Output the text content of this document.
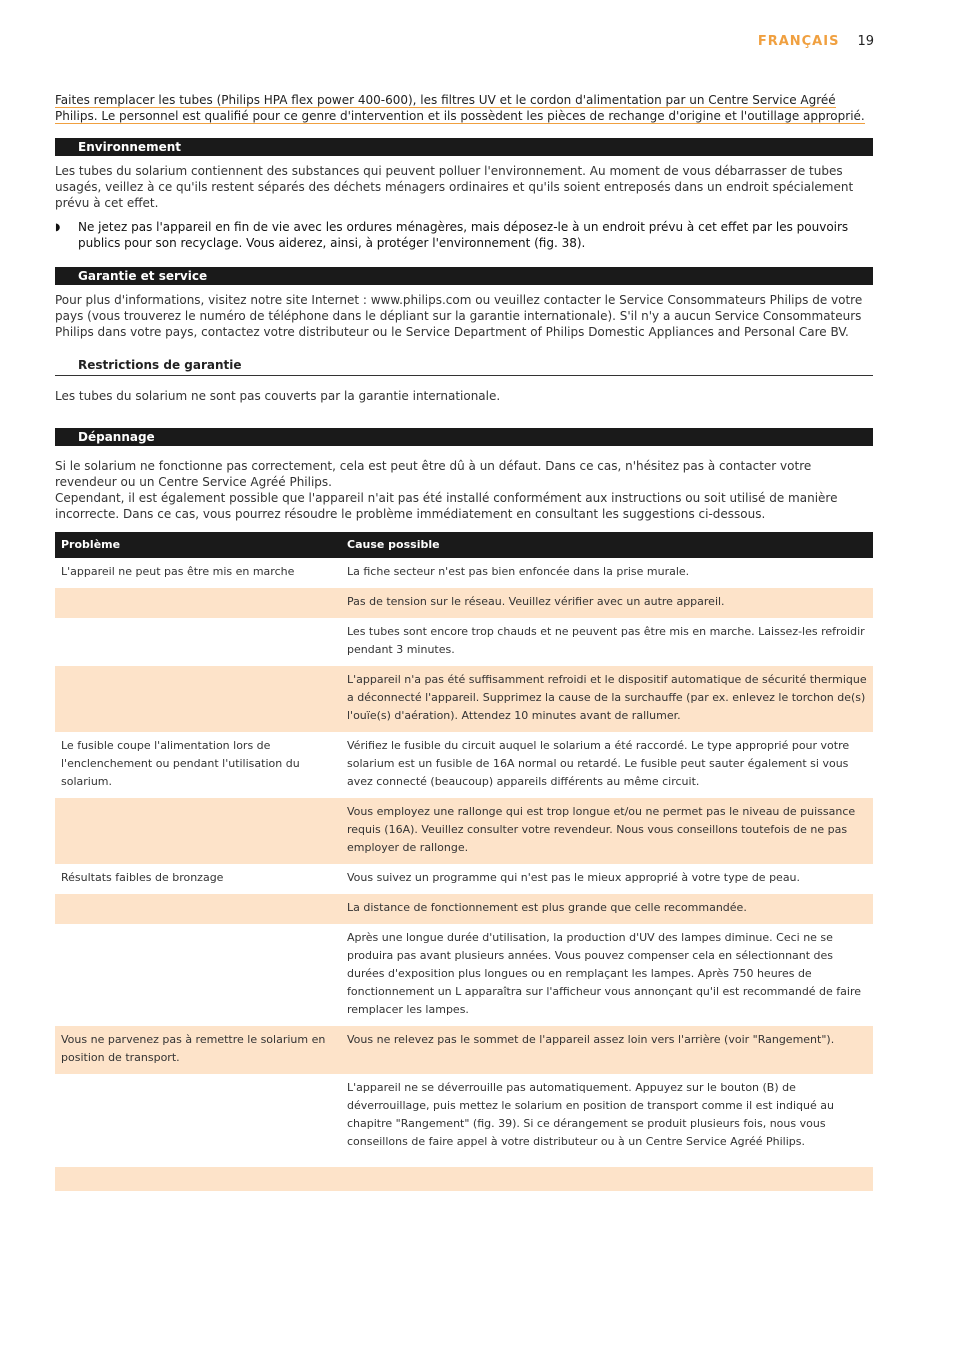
FRANÇAIS 19
Faites remplacer les tubes (Philips HPA flex power 400-600), les filtres UV et le cordon d'alimentation par un Centre Service Agréé Philips. Le personnel est qualifié pour ce genre d'intervention et ils possèdent les pièces de rechange d'origine et l'outillage approprié.
Environnement
Les tubes du solarium contiennent des substances qui peuvent polluer l'environnement. Au moment de vous débarrasser de tubes usagés, veillez à ce qu'ils restent séparés des déchets ménagers ordinaires et qu'ils soient entreposés dans un endroit spécialement prévu à cet effet.
◗ Ne jetez pas l'appareil en fin de vie avec les ordures ménagères, mais déposez-le à un endroit prévu à cet effet par les pouvoirs publics pour son recyclage. Vous aiderez, ainsi, à protéger l'environnement (fig. 38).
Garantie et service
Pour plus d'informations, visitez notre site Internet : www.philips.com ou veuillez contacter le Service Consommateurs Philips de votre pays (vous trouverez le numéro de téléphone dans le dépliant sur la garantie internationale). S'il n'y a aucun Service Consommateurs Philips dans votre pays, contactez votre distributeur ou le Service Department of Philips Domestic Appliances and Personal Care BV.
Restrictions de garantie
Les tubes du solarium ne sont pas couverts par la garantie internationale.
Dépannage
Si le solarium ne fonctionne pas correctement, cela est peut être dû à un défaut. Dans ce cas, n'hésitez pas à contacter votre revendeur ou un Centre Service Agréé Philips.
Cependant, il est également possible que l'appareil n'ait pas été installé conformément aux instructions ou soit utilisé de manière incorrecte. Dans ce cas, vous pourrez résoudre le problème immédiatement en consultant les suggestions ci-dessous.
Problème	Cause possible
L'appareil ne peut pas être mis en marche	La fiche secteur n'est pas bien enfoncée dans la prise murale.
	Pas de tension sur le réseau. Veuillez vérifier avec un autre appareil.
	Les tubes sont encore trop chauds et ne peuvent pas être mis en marche. Laissez-les refroidir pendant 3 minutes.
	L'appareil n'a pas été suffisamment refroidi et le dispositif automatique de sécurité thermique a déconnecté l'appareil. Supprimez la cause de la surchauffe (par ex. enlevez le torchon de(s) l'ouïe(s) d'aération). Attendez 10 minutes avant de rallumer.
Le fusible coupe l'alimentation lors de l'enclenchement ou pendant l'utilisation du solarium.	Vérifiez le fusible du circuit auquel le solarium a été raccordé. Le type approprié pour votre solarium est un fusible de 16A normal ou retardé. Le fusible peut sauter également si vous avez connecté (beaucoup) appareils différents au même circuit.
	Vous employez une rallonge qui est trop longue et/ou ne permet pas le niveau de puissance requis (16A). Veuillez consulter votre revendeur. Nous vous conseillons toutefois de ne pas employer de rallonge.
Résultats faibles de bronzage	Vous suivez un programme qui n'est pas le mieux approprié à votre type de peau.
	La distance de fonctionnement est plus grande que celle recommandée.
	Après une longue durée d'utilisation, la production d'UV des lampes diminue. Ceci ne se produira pas avant plusieurs années. Vous pouvez compenser cela en sélectionnant des durées d'exposition plus longues ou en remplaçant les lampes. Après 750 heures de fonctionnement un L apparaîtra sur l'afficheur vous annonçant qu'il est recommandé de faire remplacer les lampes.
Vous ne parvenez pas à remettre le solarium en position de transport.	Vous ne relevez pas le sommet de l'appareil assez loin vers l'arrière (voir "Rangement").
	L'appareil ne se déverrouille pas automatiquement. Appuyez sur le bouton (B) de déverrouillage, puis mettez le solarium en position de transport comme il est indiqué au chapitre "Rangement" (fig. 39). Si ce dérangement se produit plusieurs fois, nous vous conseillons de faire appel à votre distributeur ou à un Centre Service Agréé Philips.
